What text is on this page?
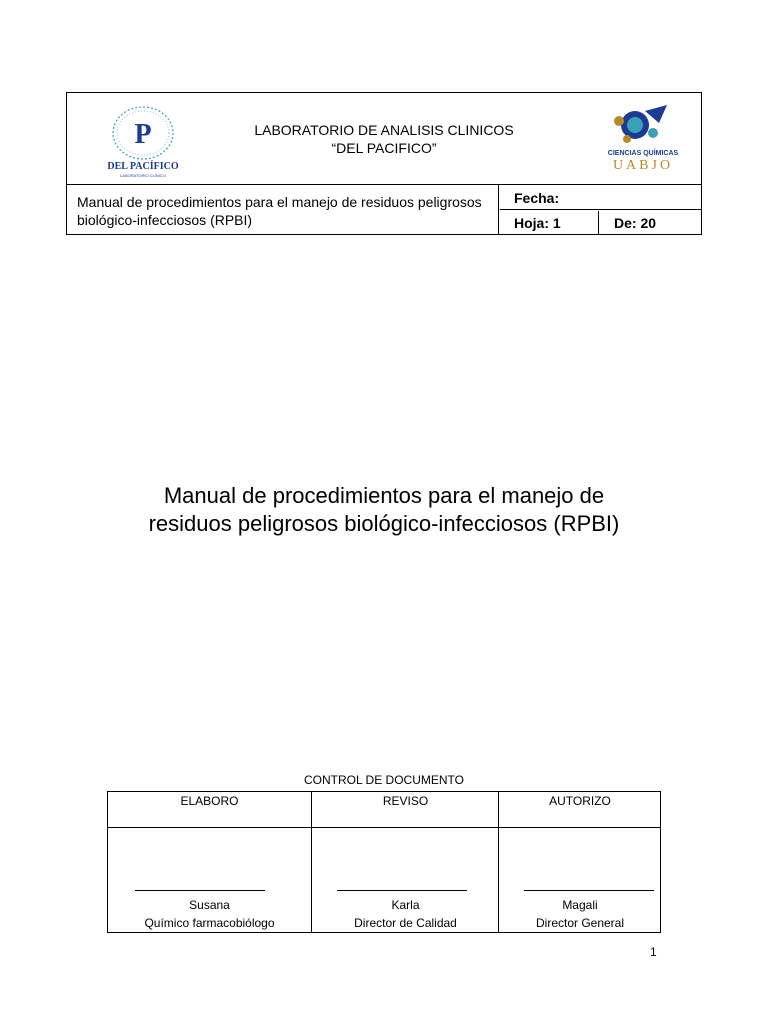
P
DEL PACÍFICO
LABORATORIO CLÍNICO
LABORATORIO DE ANALISIS CLINICOS
“DEL PACIFICO”	CIENCIAS QUÍMICAS
UABJO
Manual de procedimientos para el manejo de residuos peligrosos biológico-infecciosos (RPBI)
Fecha:
Hoja: 1	De: 20
Manual de procedimientos para el manejo de
residuos peligrosos biológico-infecciosos (RPBI)
CONTROL DE DOCUMENTO
ELABORO
Susana
Químico farmacobiólogo
REVISO
Karla
Director de Calidad
AUTORIZO
Magali
Director General
1
